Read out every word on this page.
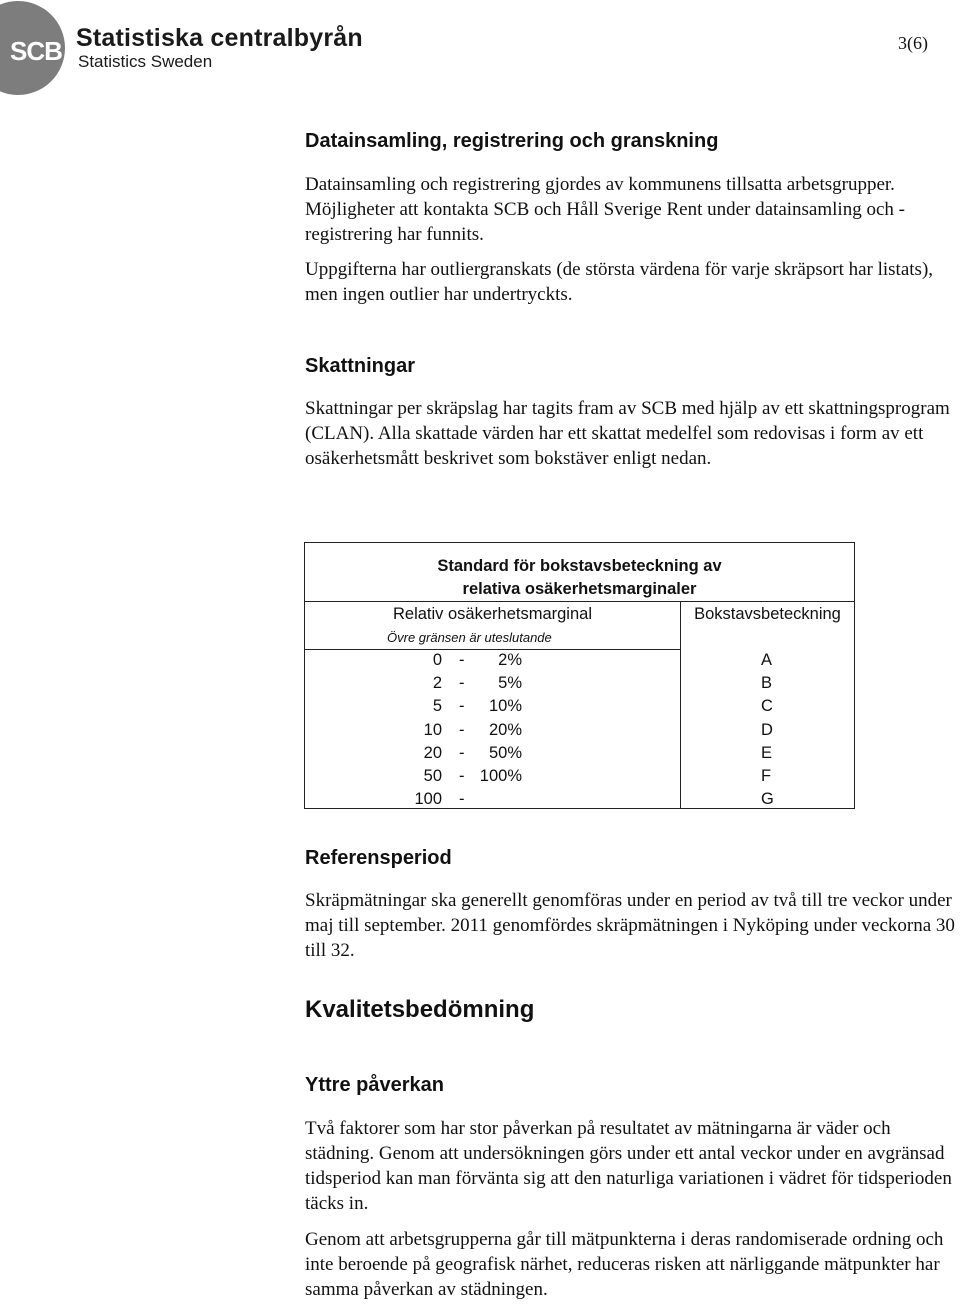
SCB Statistiska centralbyrån
Statistics Sweden
3(6)
Datainsamling, registrering och granskning

Datainsamling och registrering gjordes av kommunens tillsatta arbetsgrupper. Möjligheter att kontakta SCB och Håll Sverige Rent under datainsamling och -registrering har funnits.

Uppgifterna har outliergranskats (de största värdena för varje skräpsort har listats), men ingen outlier har undertryckts.

Skattningar

Skattningar per skräpslag har tagits fram av SCB med hjälp av ett skattningsprogram (CLAN). Alla skattade värden har ett skattat medelfel som redovisas i form av ett osäkerhetsmått beskrivet som bokstäver enligt nedan.

Standard för bokstavsbeteckning av
relativa osäkerhetsmarginaler
Relativ osäkerhetsmarginal	Bokstavsbeteckning
Övre gränsen är uteslutande
0 - 2%	A
2 - 5%	B
5 - 10%	C
10 - 20%	D
20 - 50%	E
50 - 100%	F
100 -	G
Referensperiod

Skräpmätningar ska generellt genomföras under en period av två till tre veckor under maj till september. 2011 genomfördes skräpmätningen i Nyköping under veckorna 30 till 32.

Kvalitetsbedömning
Yttre påverkan

Två faktorer som har stor påverkan på resultatet av mätningarna är väder och städning. Genom att undersökningen görs under ett antal veckor under en avgränsad tidsperiod kan man förvänta sig att den naturliga variationen i vädret för tidsperioden täcks in.

Genom att arbetsgrupperna går till mätpunkterna i deras randomiserade ordning och inte beroende på geografisk närhet, reduceras risken att närliggande mätpunkter har samma påverkan av städningen.
